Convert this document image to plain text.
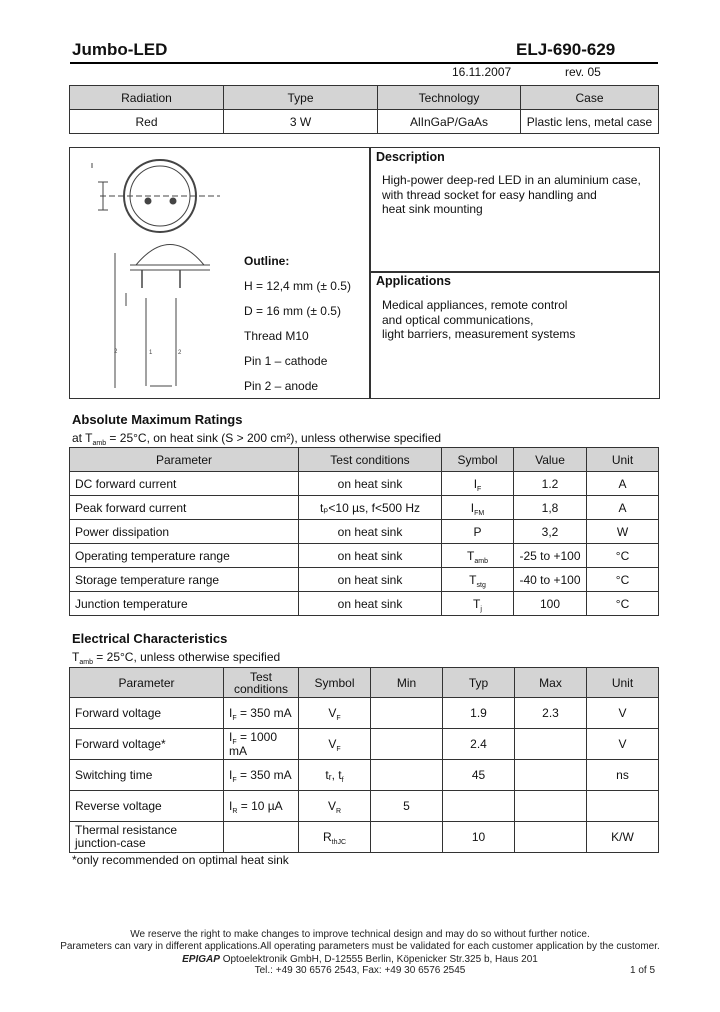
Jumbo-LED	ELJ-690-629
16.11.2007	rev. 05
Radiation	Type	Technology	Case
Red	3 W	AlInGaP/GaAs	Plastic lens, metal case
1	2
2
Outline:
H = 12,4 mm (± 0.5)
D = 16 mm (± 0.5)
Thread M10
Pin 1 – cathode
Pin 2 – anode
Description
High-power deep-red LED in an aluminium case,
with thread socket for easy handling and
heat sink mounting
Applications
Medical appliances, remote control
and optical communications,
light barriers, measurement systems
Absolute Maximum Ratings
at $T_{amb} = 25^\circ C$, on heat sink (S > 200 cm²), unless otherwise specified
Parameter	Test conditions	Symbol	Value	Unit
DC forward current	on heat sink	$I_F$	1.2	A
Peak forward current	tₚ<10 µs, f<500 Hz	$I_{FM}$	1,8	A
Power dissipation	on heat sink	P	3,2	W
Operating temperature range	on heat sink	$T_{amb}$	-25 to +100	°C
Storage temperature range	on heat sink	$T_{stg}$	-40 to +100	°C
Junction temperature	on heat sink	$T_j$	100	°C
Electrical Characteristics
$T_{amb} = 25^\circ C$, unless otherwise specified
Parameter	Test conditions	Symbol	Min	Typ	Max	Unit
Forward voltage	$I_F = 350$ mA	$V_F$		1.9	2.3	V
Forward voltage*	$I_F = 1000$ mA	$V_F$		2.4		V
Switching time	$I_F = 350$ mA	tᵣ, $t_f$		45		ns
Reverse voltage	$I_R = 10$ µA	$V_R$	5			
Thermal resistance junction-case		$R_{thJC}$		10		K/W
*only recommended on optimal heat sink
We reserve the right to make changes to improve technical design and may do so without further notice.
Parameters can vary in different applications.All operating parameters must be validated for each customer application by the customer.
EPIGAP Optoelektronik GmbH, D-12555 Berlin, Köpenicker Str.325 b, Haus 201
Tel.: +49 30 6576 2543, Fax: +49 30 6576 2545	1 of 5
